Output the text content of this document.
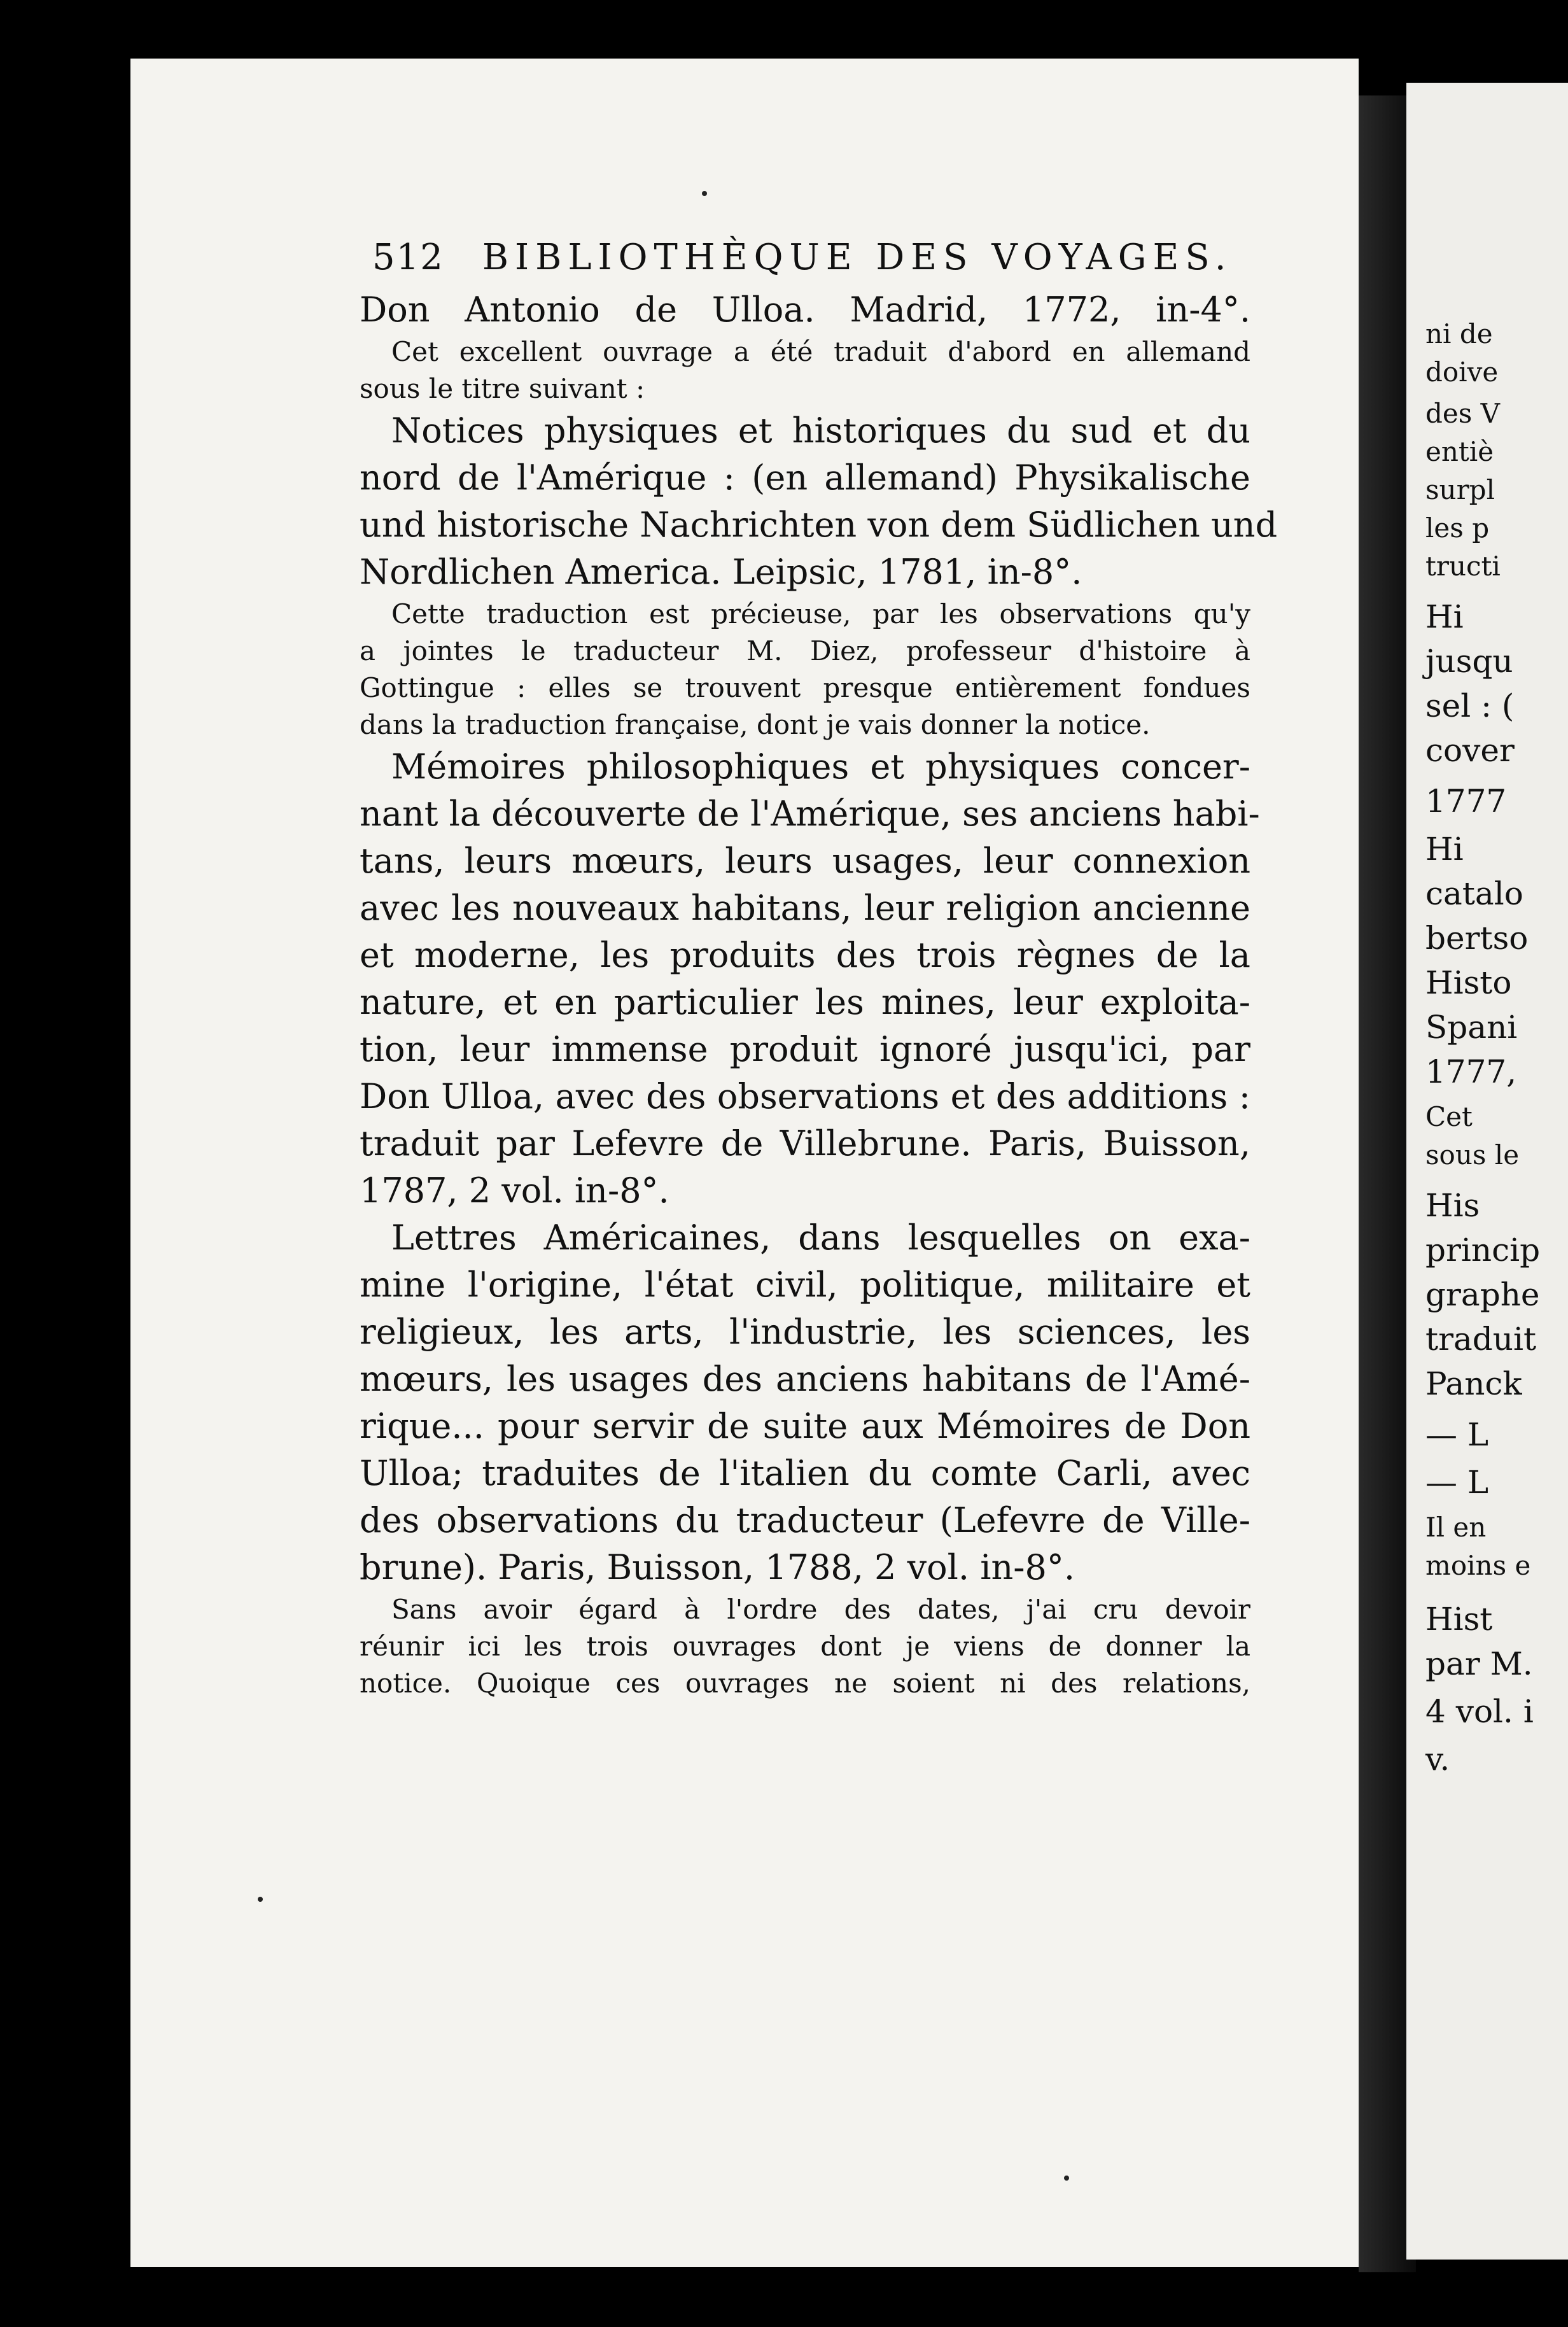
ni de
doive
des V
entiè
surpl
les p
tructi
Hi
jusqu
sel : (
cover
1777
Hi
catalo
bertso
Histo
Spani
1777,
Cet
sous le
His
princip
graphe
traduit
Panck
— L
— L
Il en
moins e
Hist
par M.
4 vol. i
v.
512 BIBLIOTHÈQUE DES VOYAGES.
Don Antonio de Ulloa. Madrid, 1772, in-4°.
Cet excellent ouvrage a été traduit d'abord en allemand
sous le titre suivant :
Notices physiques et historiques du sud et du
nord de l'Amérique : (en allemand) Physikalische
und historische Nachrichten von dem Südlichen und
Nordlichen America. Leipsic, 1781, in-8°.
Cette traduction est précieuse, par les observations qu'y
a jointes le traducteur M. Diez, professeur d'histoire à
Gottingue : elles se trouvent presque entièrement fondues
dans la traduction française, dont je vais donner la notice.
Mémoires philosophiques et physiques concer-
nant la découverte de l'Amérique, ses anciens habi-
tans, leurs mœurs, leurs usages, leur connexion
avec les nouveaux habitans, leur religion ancienne
et moderne, les produits des trois règnes de la
nature, et en particulier les mines, leur exploita-
tion, leur immense produit ignoré jusqu'ici, par
Don Ulloa, avec des observations et des additions :
traduit par Lefevre de Villebrune. Paris, Buisson,
1787, 2 vol. in-8°.
Lettres Américaines, dans lesquelles on exa-
mine l'origine, l'état civil, politique, militaire et
religieux, les arts, l'industrie, les sciences, les
mœurs, les usages des anciens habitans de l'Amé-
rique... pour servir de suite aux Mémoires de Don
Ulloa; traduites de l'italien du comte Carli, avec
des observations du traducteur (Lefevre de Ville-
brune). Paris, Buisson, 1788, 2 vol. in-8°.
Sans avoir égard à l'ordre des dates, j'ai cru devoir
réunir ici les trois ouvrages dont je viens de donner la
notice. Quoique ces ouvrages ne soient ni des relations,
